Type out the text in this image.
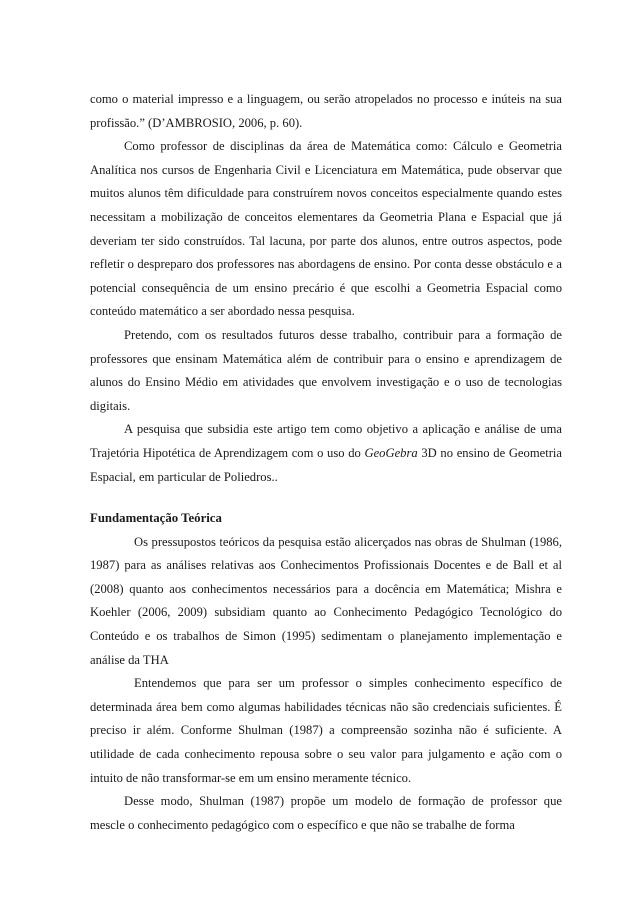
como o material impresso e a linguagem, ou serão atropelados no processo e inúteis na sua profissão.” (D’AMBROSIO, 2006, p. 60).

Como professor de disciplinas da área de Matemática como: Cálculo e Geometria Analítica nos cursos de Engenharia Civil e Licenciatura em Matemática, pude observar que muitos alunos têm dificuldade para construírem novos conceitos especialmente quando estes necessitam a mobilização de conceitos elementares da Geometria Plana e Espacial que já deveriam ter sido construídos. Tal lacuna, por parte dos alunos, entre outros aspectos, pode refletir o despreparo dos professores nas abordagens de ensino. Por conta desse obstáculo e a potencial consequência de um ensino precário é que escolhi a Geometria Espacial como conteúdo matemático a ser abordado nessa pesquisa.

Pretendo, com os resultados futuros desse trabalho, contribuir para a formação de professores que ensinam Matemática além de contribuir para o ensino e aprendizagem de alunos do Ensino Médio em atividades que envolvem investigação e o uso de tecnologias digitais.

A pesquisa que subsidia este artigo tem como objetivo a aplicação e análise de uma Trajetória Hipotética de Aprendizagem com o uso do GeoGebra 3D no ensino de Geometria Espacial, em particular de Poliedros..

Fundamentação Teórica

Os pressupostos teóricos da pesquisa estão alicerçados nas obras de Shulman (1986, 1987) para as análises relativas aos Conhecimentos Profissionais Docentes e de Ball et al (2008) quanto aos conhecimentos necessários para a docência em Matemática; Mishra e Koehler (2006, 2009) subsidiam quanto ao Conhecimento Pedagógico Tecnológico do Conteúdo e os trabalhos de Simon (1995) sedimentam o planejamento implementação e análise da THA

Entendemos que para ser um professor o simples conhecimento específico de determinada área bem como algumas habilidades técnicas não são credenciais suficientes. É preciso ir além. Conforme Shulman (1987) a compreensão sozinha não é suficiente. A utilidade de cada conhecimento repousa sobre o seu valor para julgamento e ação com o intuito de não transformar-se em um ensino meramente técnico.

Desse modo, Shulman (1987) propõe um modelo de formação de professor que mescle o conhecimento pedagógico com o específico e que não se trabalhe de forma
